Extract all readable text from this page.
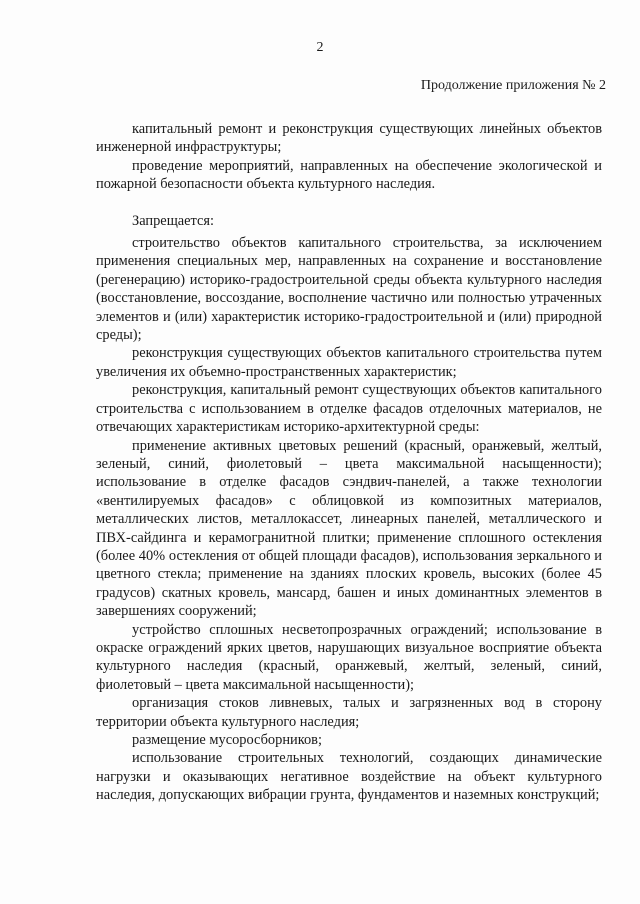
2
Продолжение приложения № 2

капитальный ремонт и реконструкция существующих линейных объектов инженерной инфраструктуры;

проведение мероприятий, направленных на обеспечение экологической и пожарной безопасности объекта культурного наследия.

Запрещается:

строительство объектов капитального строительства, за исключением применения специальных мер, направленных на сохранение и восстановление (регенерацию) историко-градостроительной среды объекта культурного наследия (восстановление, воссоздание, восполнение частично или полностью утраченных элементов и (или) характеристик историко-градостроительной и (или) природной среды);

реконструкция существующих объектов капитального строительства путем увеличения их объемно-пространственных характеристик;

реконструкция, капитальный ремонт существующих объектов капитального строительства с использованием в отделке фасадов отделочных материалов, не отвечающих характеристикам историко-архитектурной среды:

применение активных цветовых решений (красный, оранжевый, желтый, зеленый, синий, фиолетовый – цвета максимальной насыщенности); использование в отделке фасадов сэндвич-панелей, а также технологии «вентилируемых фасадов» с облицовкой из композитных материалов, металлических листов, металлокассет, линеарных панелей, металлического и ПВХ-сайдинга и керамогранитной плитки; применение сплошного остекления (более 40% остекления от общей площади фасадов), использования зеркального и цветного стекла; применение на зданиях плоских кровель, высоких (более 45 градусов) скатных кровель, мансард, башен и иных доминантных элементов в завершениях сооружений;

устройство сплошных несветопрозрачных ограждений; использование в окраске ограждений ярких цветов, нарушающих визуальное восприятие объекта культурного наследия (красный, оранжевый, желтый, зеленый, синий, фиолетовый – цвета максимальной насыщенности);

организация стоков ливневых, талых и загрязненных вод в сторону территории объекта культурного наследия;

размещение мусоросборников;

использование строительных технологий, создающих динамические нагрузки и оказывающих негативное воздействие на объект культурного наследия, допускающих вибрации грунта, фундаментов и наземных конструкций;
